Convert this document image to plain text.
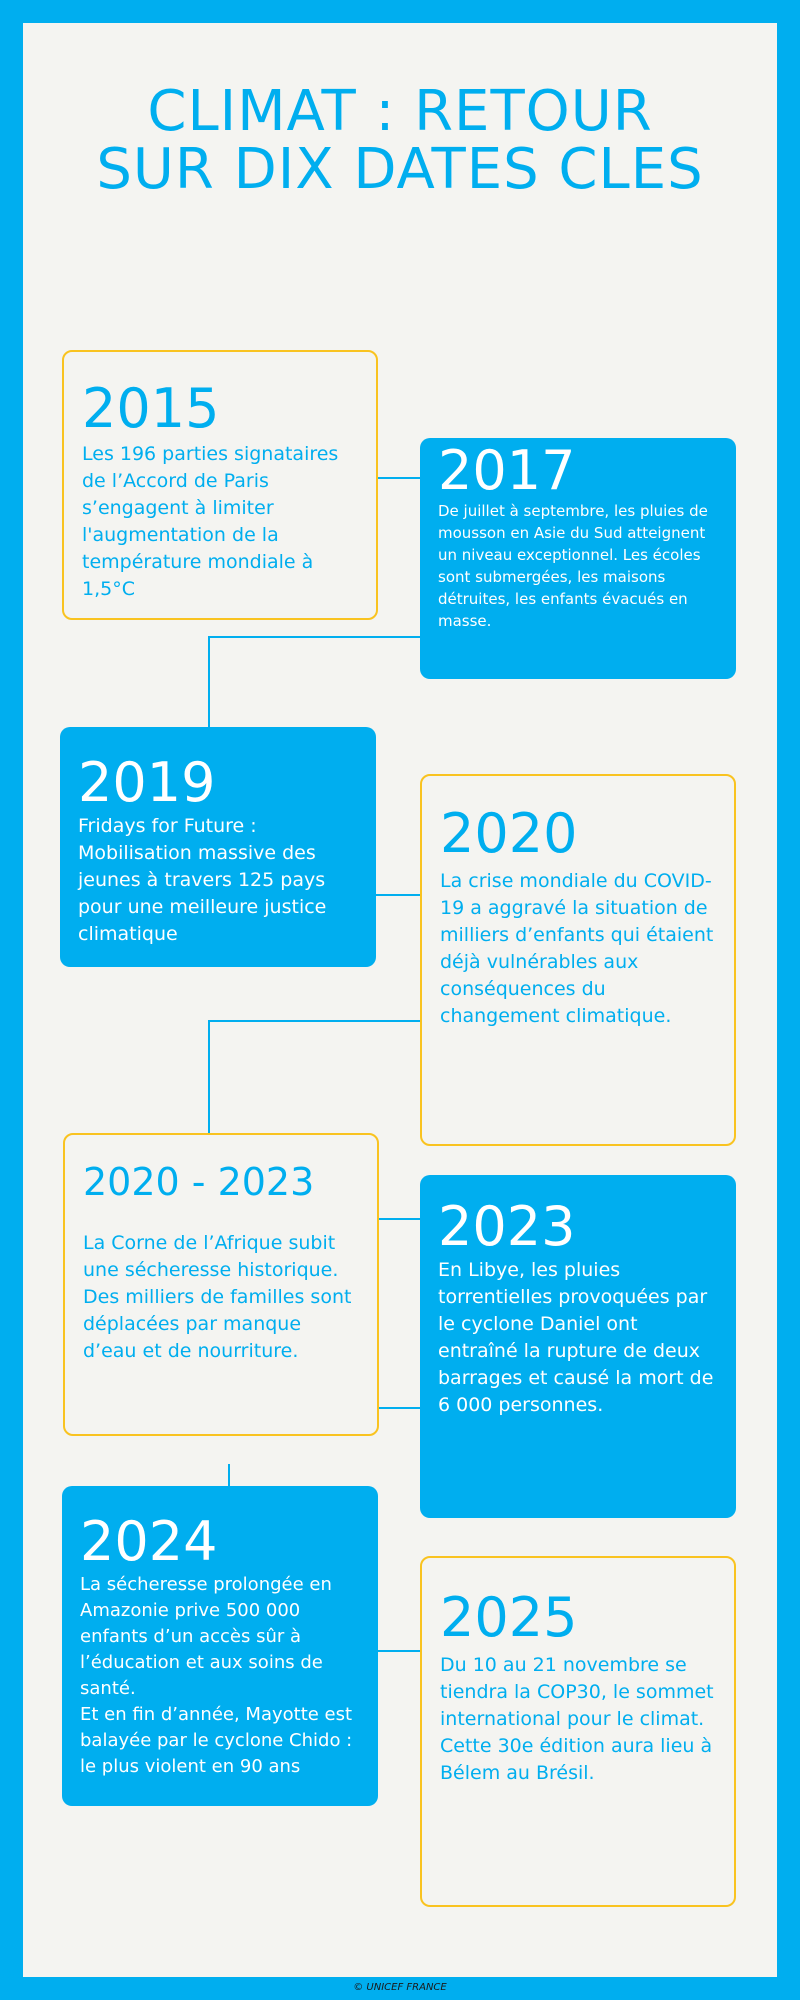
CLIMAT : RETOUR
SUR DIX DATES CLES
2015
Les 196 parties signataires de l’Accord de Paris s’engagent à limiter l'augmentation de la température mondiale à 1,5°C
2017
De juillet à septembre, les pluies de mousson en Asie du Sud atteignent un niveau exceptionnel. Les écoles sont submergées, les maisons détruites, les enfants évacués en masse.
2019
Fridays for Future : Mobilisation massive des jeunes à travers 125 pays pour une meilleure justice climatique
2020
La crise mondiale du COVID-19 a aggravé la situation de milliers d’enfants qui étaient déjà vulnérables aux conséquences du changement climatique.
2020 - 2023
La Corne de l’Afrique subit une sécheresse historique. Des milliers de familles sont déplacées par manque d’eau et de nourriture.
2023
En Libye, les pluies torrentielles provoquées par le cyclone Daniel ont entraîné la rupture de deux barrages et causé la mort de 6 000 personnes.
2024
La sécheresse prolongée en Amazonie prive 500 000 enfants d’un accès sûr à l’éducation et aux soins de santé.
Et en fin d’année, Mayotte est balayée par le cyclone Chido : le plus violent en 90 ans
2025
Du 10 au 21 novembre se tiendra la COP30, le sommet international pour le climat. Cette 30e édition aura lieu à Bélem au Brésil.
© UNICEF FRANCE
